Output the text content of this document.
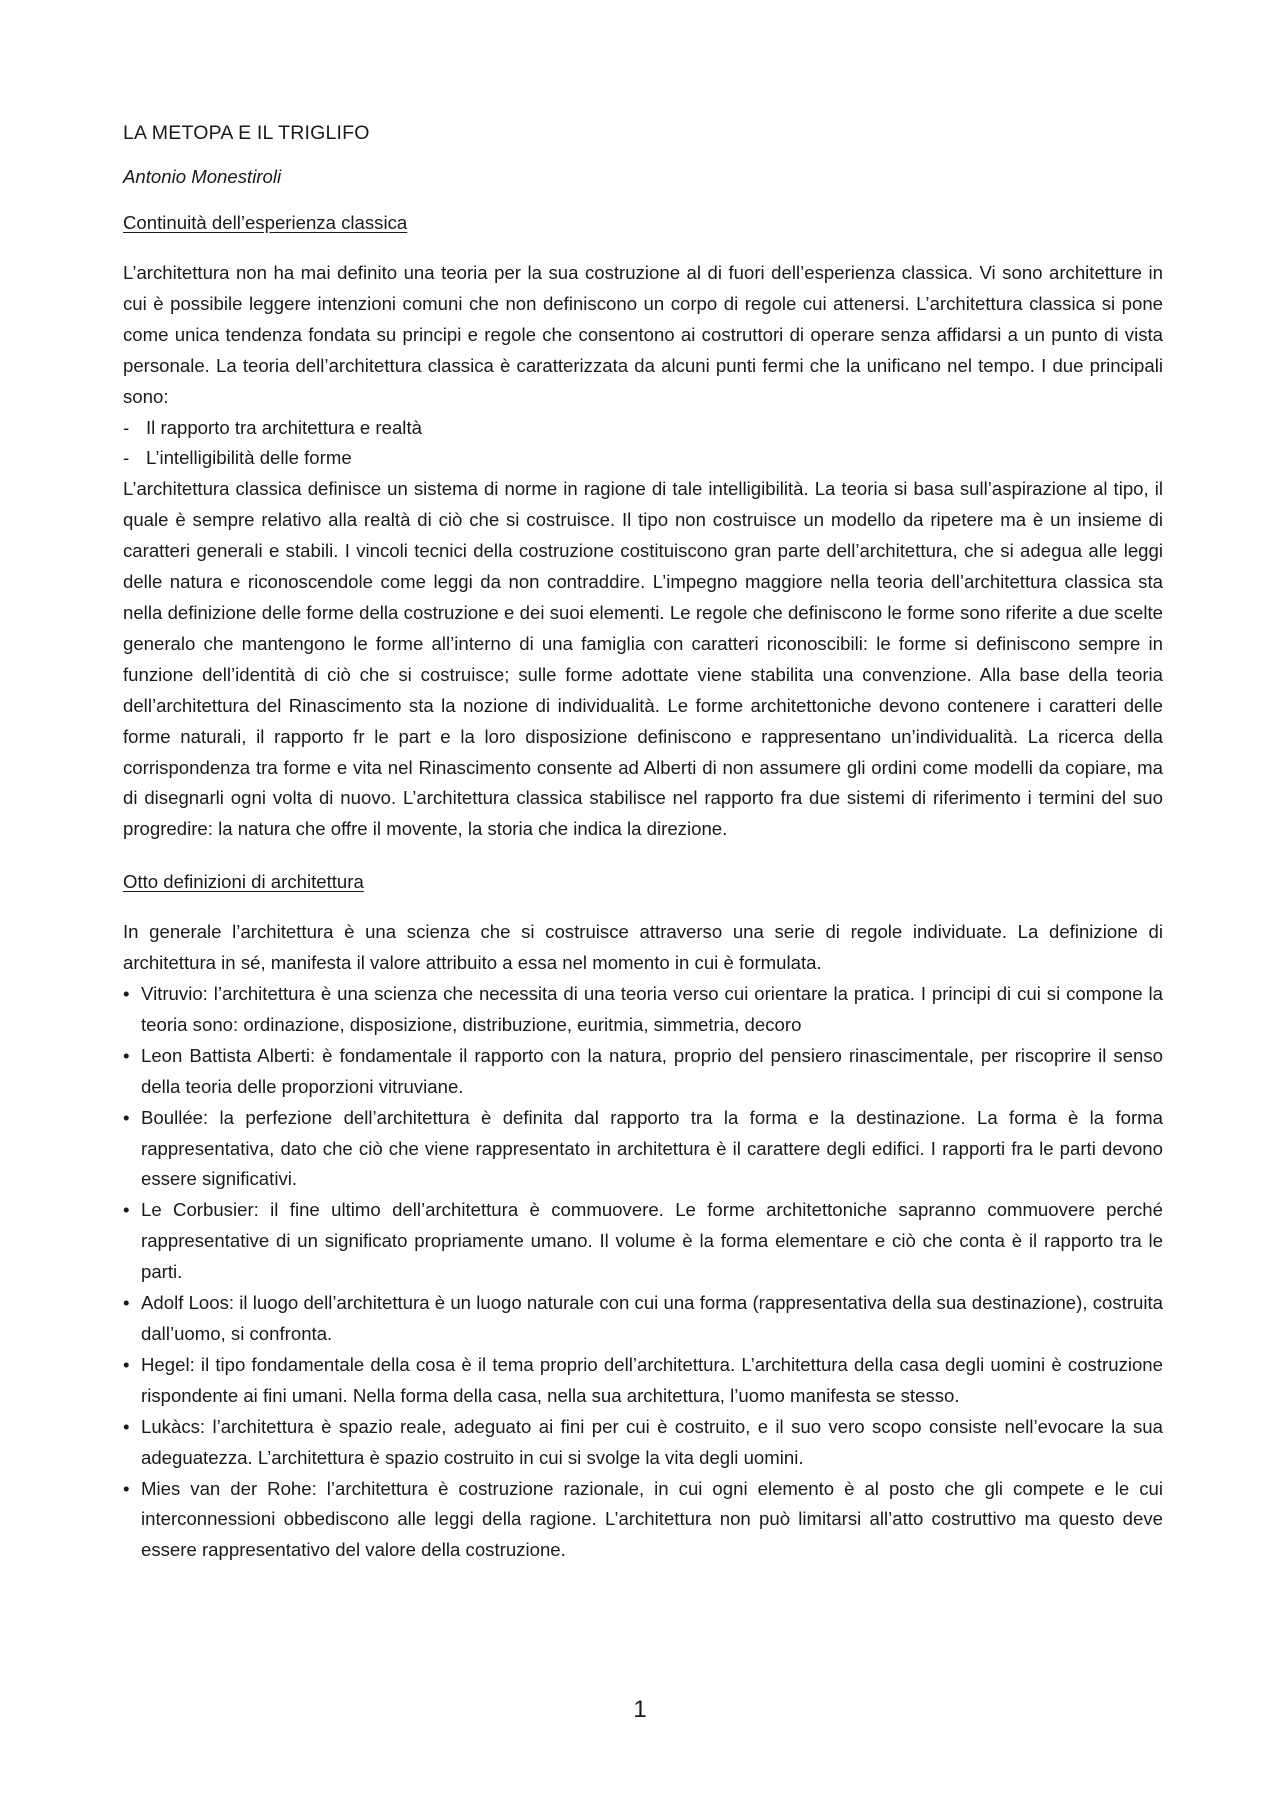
LA METOPA E IL TRIGLIFO

Antonio Monestiroli

Continuità dell’esperienza classica

L’architettura non ha mai definito una teoria per la sua costruzione al di fuori dell’esperienza classica. Vi sono architetture in cui è possibile leggere intenzioni comuni che non definiscono un corpo di regole cui attenersi. L’architettura classica si pone come unica tendenza fondata su principi e regole che consentono ai costruttori di operare senza affidarsi a un punto di vista personale. La teoria dell’architettura classica è caratterizzata da alcuni punti fermi che la unificano nel tempo. I due principali sono:

- Il rapporto tra architettura e realtà
- L’intelligibilità delle forme

L’architettura classica definisce un sistema di norme in ragione di tale intelligibilità. La teoria si basa sull’aspirazione al tipo, il quale è sempre relativo alla realtà di ciò che si costruisce. Il tipo non costruisce un modello da ripetere ma è un insieme di caratteri generali e stabili. I vincoli tecnici della costruzione costituiscono gran parte dell’architettura, che si adegua alle leggi delle natura e riconoscendole come leggi da non contraddire. L’impegno maggiore nella teoria dell’architettura classica sta nella definizione delle forme della costruzione e dei suoi elementi. Le regole che definiscono le forme sono riferite a due scelte generalo che mantengono le forme all’interno di una famiglia con caratteri riconoscibili: le forme si definiscono sempre in funzione dell’identità di ciò che si costruisce; sulle forme adottate viene stabilita una convenzione. Alla base della teoria dell’architettura del Rinascimento sta la nozione di individualità. Le forme architettoniche devono contenere i caratteri delle forme naturali, il rapporto fr le part e la loro disposizione definiscono e rappresentano un’individualità. La ricerca della corrispondenza tra forme e vita nel Rinascimento consente ad Alberti di non assumere gli ordini come modelli da copiare, ma di disegnarli ogni volta di nuovo. L’architettura classica stabilisce nel rapporto fra due sistemi di riferimento i termini del suo progredire: la natura che offre il movente, la storia che indica la direzione.

Otto definizioni di architettura

In generale l’architettura è una scienza che si costruisce attraverso una serie di regole individuate. La definizione di architettura in sé, manifesta il valore attribuito a essa nel momento in cui è formulata.

• Vitruvio: l’architettura è una scienza che necessita di una teoria verso cui orientare la pratica. I principi di cui si compone la teoria sono: ordinazione, disposizione, distribuzione, euritmia, simmetria, decoro
• Leon Battista Alberti: è fondamentale il rapporto con la natura, proprio del pensiero rinascimentale, per riscoprire il senso della teoria delle proporzioni vitruviane.
• Boullée: la perfezione dell’architettura è definita dal rapporto tra la forma e la destinazione. La forma è la forma rappresentativa, dato che ciò che viene rappresentato in architettura è il carattere degli edifici. I rapporti fra le parti devono essere significativi.
• Le Corbusier: il fine ultimo dell’architettura è commuovere. Le forme architettoniche sapranno commuovere perché rappresentative di un significato propriamente umano. Il volume è la forma elementare e ciò che conta è il rapporto tra le parti.
• Adolf Loos: il luogo dell’architettura è un luogo naturale con cui una forma (rappresentativa della sua destinazione), costruita dall’uomo, si confronta.
• Hegel: il tipo fondamentale della cosa è il tema proprio dell’architettura. L’architettura della casa degli uomini è costruzione rispondente ai fini umani. Nella forma della casa, nella sua architettura, l’uomo manifesta se stesso.
• Lukàcs: l’architettura è spazio reale, adeguato ai fini per cui è costruito, e il suo vero scopo consiste nell’evocare la sua adeguatezza. L’architettura è spazio costruito in cui si svolge la vita degli uomini.
• Mies van der Rohe: l’architettura è costruzione razionale, in cui ogni elemento è al posto che gli compete e le cui interconnessioni obbediscono alle leggi della ragione. L’architettura non può limitarsi all’atto costruttivo ma questo deve essere rappresentativo del valore della costruzione.
1
